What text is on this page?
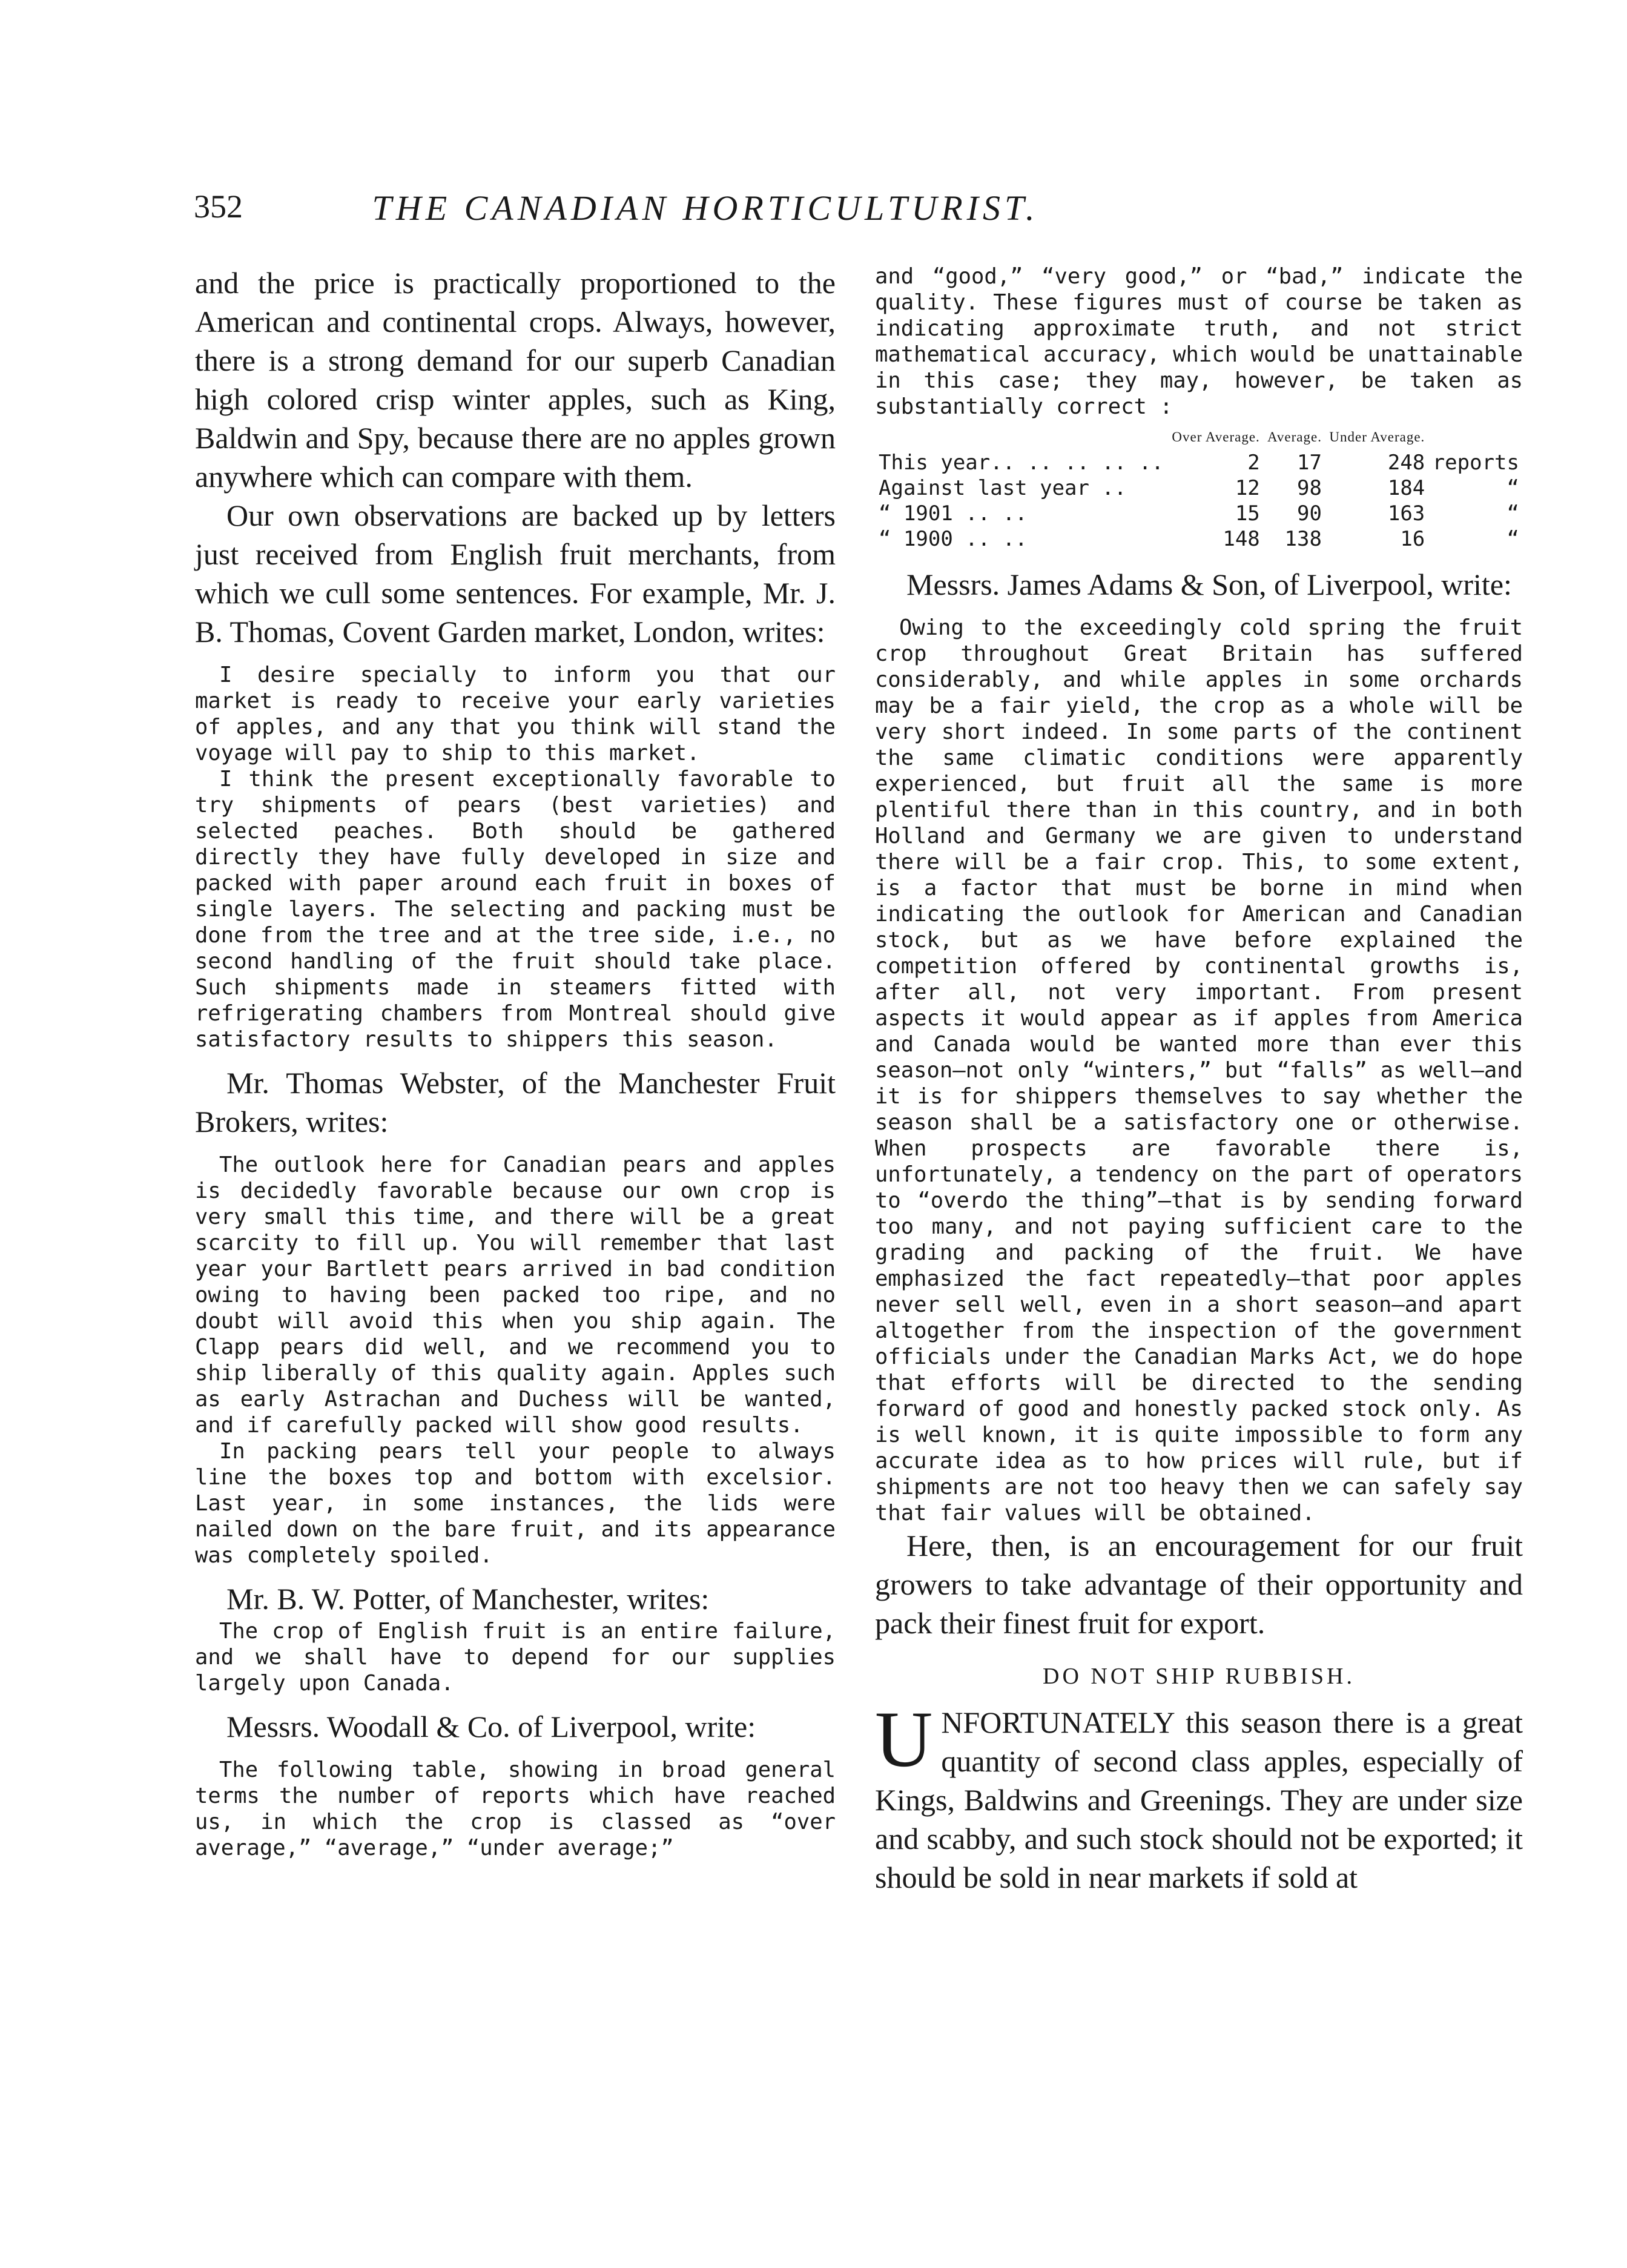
352	THE CANADIAN HORTICULTURIST.

and the price is practically proportioned to the American and continental crops. Always, however, there is a strong demand for our superb Canadian high colored crisp winter apples, such as King, Baldwin and Spy, because there are no apples grown anywhere which can compare with them.

Our own observations are backed up by letters just received from English fruit merchants, from which we cull some sentences. For example, Mr. J. B. Thomas, Covent Garden market, London, writes:

I desire specially to inform you that our market is ready to receive your early varieties of apples, and any that you think will stand the voyage will pay to ship to this market.

I think the present exceptionally favorable to try shipments of pears (best varieties) and selected peaches. Both should be gathered directly they have fully developed in size and packed with paper around each fruit in boxes of single layers. The selecting and packing must be done from the tree and at the tree side, i.e., no second handling of the fruit should take place. Such shipments made in steamers fitted with refrigerating chambers from Montreal should give satisfactory results to shippers this season.

Mr. Thomas Webster, of the Manchester Fruit Brokers, writes:

The outlook here for Canadian pears and apples is decidedly favorable because our own crop is very small this time, and there will be a great scarcity to fill up. You will remember that last year your Bartlett pears arrived in bad condition owing to having been packed too ripe, and no doubt will avoid this when you ship again. The Clapp pears did well, and we recommend you to ship liberally of this quality again. Apples such as early Astrachan and Duchess will be wanted, and if carefully packed will show good results.

In packing pears tell your people to always line the boxes top and bottom with excelsior. Last year, in some instances, the lids were nailed down on the bare fruit, and its appearance was completely spoiled.

Mr. B. W. Potter, of Manchester, writes:

The crop of English fruit is an entire failure, and we shall have to depend for our supplies largely upon Canada.

Messrs. Woodall & Co. of Liverpool, write:

The following table, showing in broad general terms the number of reports which have reached us, in which the crop is classed as “over average,” “average,” “under average;”

and “good,” “very good,” or “bad,” indicate the quality. These figures must of course be taken as indicating approximate truth, and not strict mathematical accuracy, which would be unattainable in this case; they may, however, be taken as substantially correct :

	Over Average.	Average.	Under Average.	
This year.. .. .. .. ..	2	17	248	reports
Against last year ..	12	98	184	“
“ 1901 .. ..	15	90	163	“
“ 1900 .. ..	148	138	16	“

Messrs. James Adams & Son, of Liverpool, write:

Owing to the exceedingly cold spring the fruit crop throughout Great Britain has suffered considerably, and while apples in some orchards may be a fair yield, the crop as a whole will be very short indeed. In some parts of the continent the same climatic conditions were apparently experienced, but fruit all the same is more plentiful there than in this country, and in both Holland and Germany we are given to understand there will be a fair crop. This, to some extent, is a factor that must be borne in mind when indicating the outlook for American and Canadian stock, but as we have before explained the competition offered by continental growths is, after all, not very important. From present aspects it would appear as if apples from America and Canada would be wanted more than ever this season—not only “winters,” but “falls” as well—and it is for shippers themselves to say whether the season shall be a satisfactory one or otherwise. When prospects are favorable there is, unfortunately, a tendency on the part of operators to “overdo the thing”—that is by sending forward too many, and not paying sufficient care to the grading and packing of the fruit. We have emphasized the fact repeatedly—that poor apples never sell well, even in a short season—and apart altogether from the inspection of the government officials under the Canadian Marks Act, we do hope that efforts will be directed to the sending forward of good and honestly packed stock only. As is well known, it is quite impossible to form any accurate idea as to how prices will rule, but if shipments are not too heavy then we can safely say that fair values will be obtained.

Here, then, is an encouragement for our fruit growers to take advantage of their opportunity and pack their finest fruit for export.

DO NOT SHIP RUBBISH.

UNFORTUNATELY this season there is a great quantity of second class apples, especially of Kings, Baldwins and Greenings. They are under size and scabby, and such stock should not be exported; it should be sold in near markets if sold at
